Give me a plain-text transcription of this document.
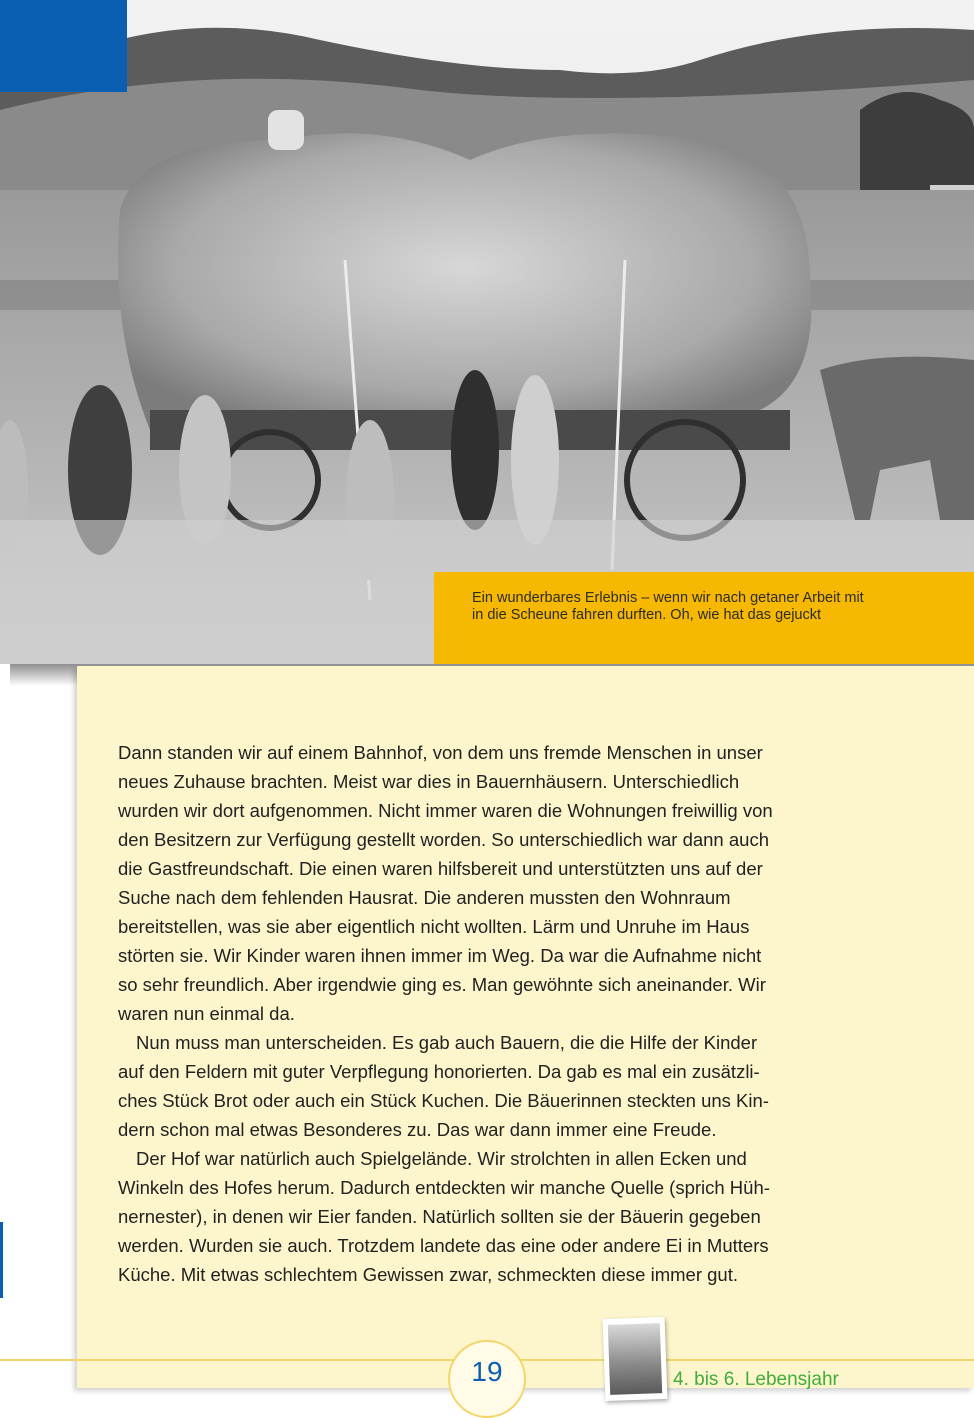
Ein wunderbares Erlebnis – wenn wir nach getaner Arbeit mit in die Scheune fahren durften. Oh, wie hat das gejuckt

Dann standen wir auf einem Bahnhof, von dem uns fremde Menschen in unser

neues Zuhause brachten. Meist war dies in Bauernhäusern. Unterschiedlich

wurden wir dort aufgenommen. Nicht immer waren die Wohnungen freiwillig von

den Besitzern zur Verfügung gestellt worden. So unterschiedlich war dann auch

die Gastfreundschaft. Die einen waren hilfsbereit und unterstützten uns auf der

Suche nach dem fehlenden Hausrat. Die anderen mussten den Wohnraum

bereitstellen, was sie aber eigentlich nicht wollten. Lärm und Unruhe im Haus

störten sie. Wir Kinder waren ihnen immer im Weg. Da war die Aufnahme nicht

so sehr freundlich. Aber irgendwie ging es. Man gewöhnte sich aneinander. Wir

waren nun einmal da.

Nun muss man unterscheiden. Es gab auch Bauern, die die Hilfe der Kinder

auf den Feldern mit guter Verpflegung honorierten. Da gab es mal ein zusätzli-

ches Stück Brot oder auch ein Stück Kuchen. Die Bäuerinnen steckten uns Kin-

dern schon mal etwas Besonderes zu. Das war dann immer eine Freude.

Der Hof war natürlich auch Spielgelände. Wir strolchten in allen Ecken und

Winkeln des Hofes herum. Dadurch entdeckten wir manche Quelle (sprich Hüh-

nernester), in denen wir Eier fanden. Natürlich sollten sie der Bäuerin gegeben

werden. Wurden sie auch. Trotzdem landete das eine oder andere Ei in Mutters

Küche. Mit etwas schlechtem Gewissen zwar, schmeckten diese immer gut.

19	4. bis 6. Lebensjahr
